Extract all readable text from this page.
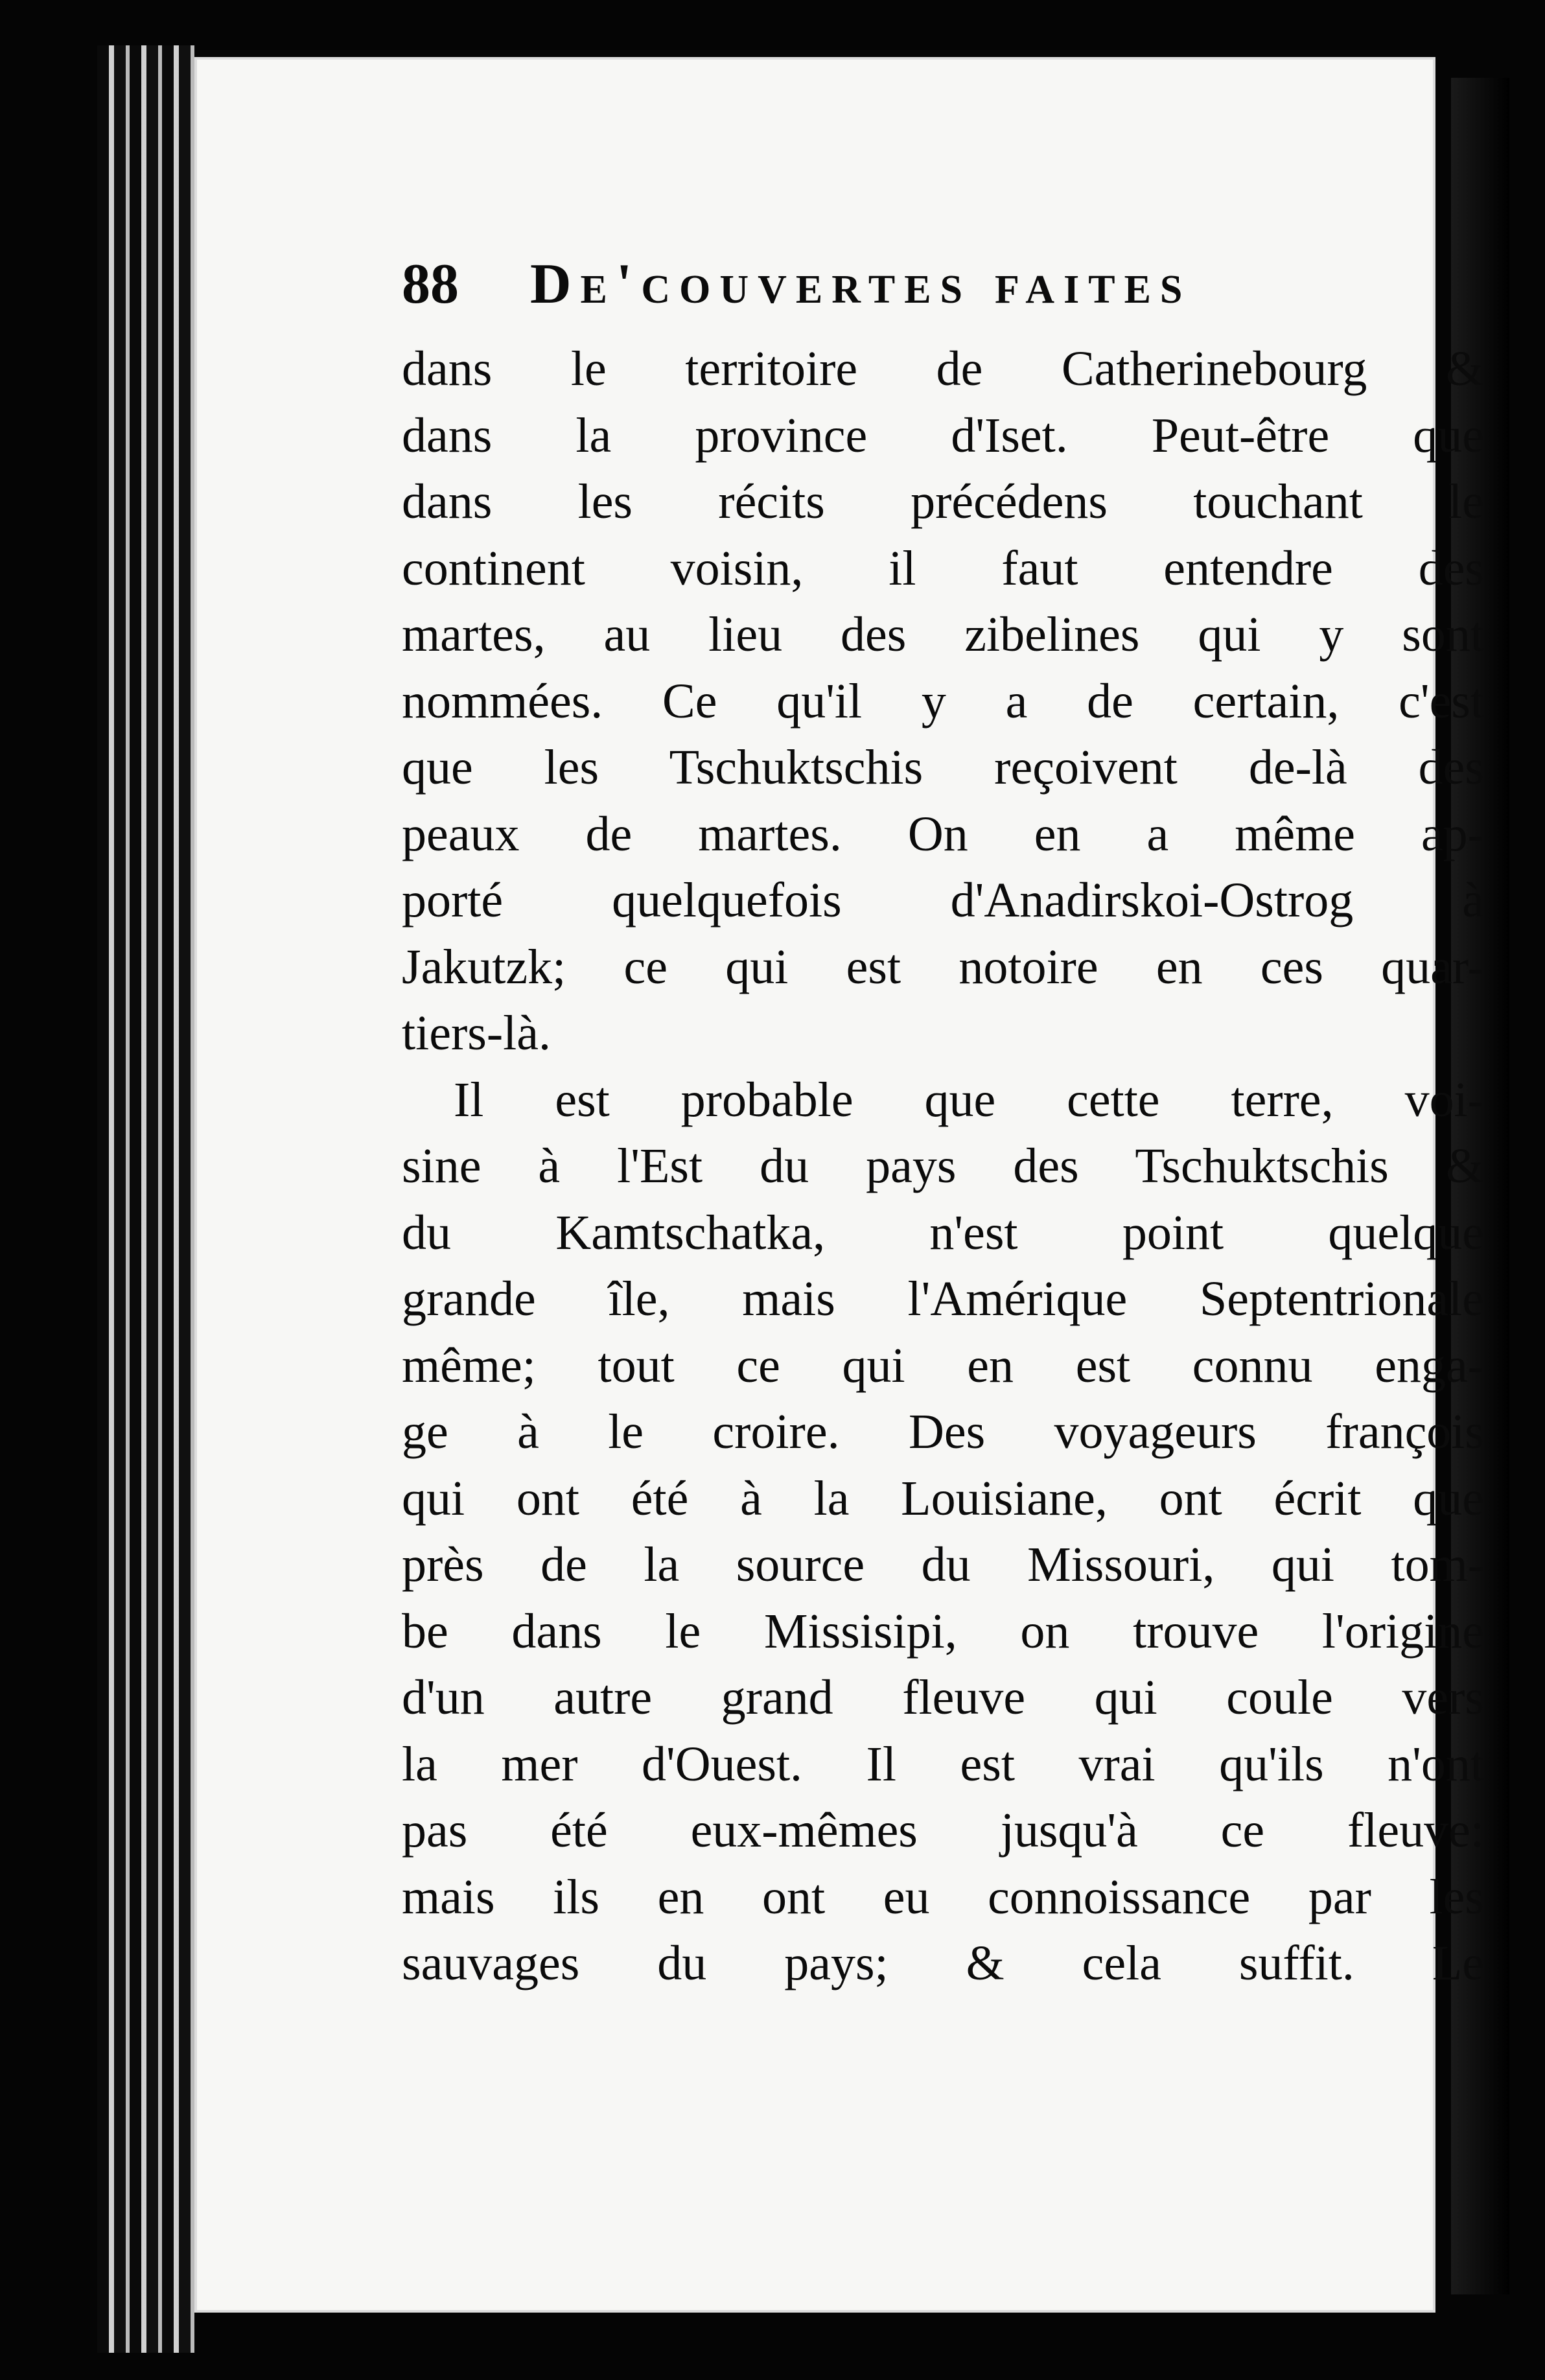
88 De'couvertes faites
dans le territoire de Catherinebourg &
dans la province d'Iset. Peut-être que
dans les récits précédens touchant le
continent voisin, il faut entendre des
martes, au lieu des zibelines qui y sont
nommées. Ce qu'il y a de certain, c'est
que les Tschuktschis reçoivent de-là des
peaux de martes. On en a même ap-
porté quelquefois d'Anadirskoi-Ostrog à
Jakutzk; ce qui est notoire en ces quar-
tiers-là.
Il est probable que cette terre, voi-
sine à l'Est du pays des Tschuktschis &
du Kamtschatka, n'est point quelque
grande île, mais l'Amérique Septentrionale
même; tout ce qui en est connu enga-
ge à le croire. Des voyageurs françois
qui ont été à la Louisiane, ont écrit que
près de la source du Missouri, qui tom-
be dans le Missisipi, on trouve l'origine
d'un autre grand fleuve qui coule vers
la mer d'Ouest. Il est vrai qu'ils n'ont
pas été eux-mêmes jusqu'à ce fleuve:
mais ils en ont eu connoissance par les
sauvages du pays; & cela suffit. Le
